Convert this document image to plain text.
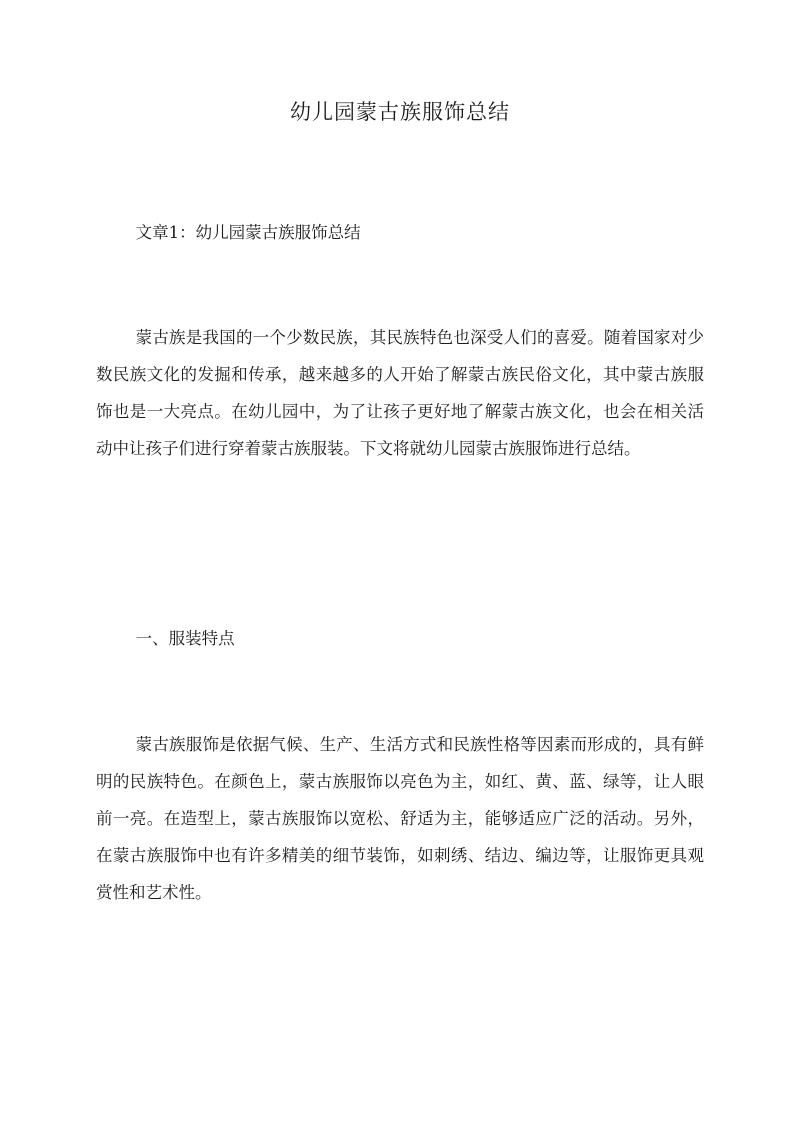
幼儿园蒙古族服饰总结
文章1：幼儿园蒙古族服饰总结

蒙古族是我国的一个少数民族，其民族特色也深受人们的喜爱。随着国家对少数民族文化的发掘和传承，越来越多的人开始了解蒙古族民俗文化，其中蒙古族服饰也是一大亮点。在幼儿园中，为了让孩子更好地了解蒙古族文化，也会在相关活动中让孩子们进行穿着蒙古族服装。下文将就幼儿园蒙古族服饰进行总结。

一、服装特点

蒙古族服饰是依据气候、生产、生活方式和民族性格等因素而形成的，具有鲜明的民族特色。在颜色上，蒙古族服饰以亮色为主，如红、黄、蓝、绿等，让人眼前一亮。在造型上，蒙古族服饰以宽松、舒适为主，能够适应广泛的活动。另外，在蒙古族服饰中也有许多精美的细节装饰，如刺绣、结边、编边等，让服饰更具观赏性和艺术性。
